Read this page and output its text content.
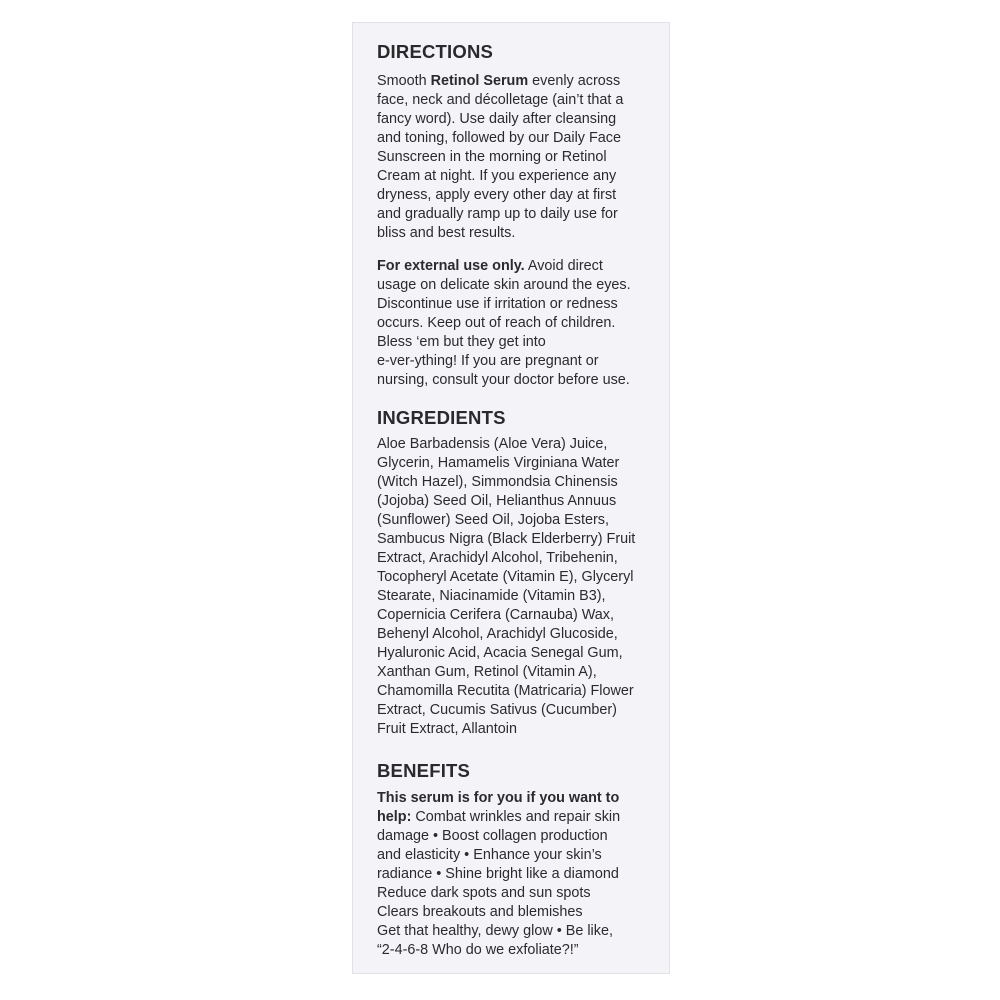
DIRECTIONS

Smooth Retinol Serum evenly across
face, neck and décolletage (ain’t that a
fancy word). Use daily after cleansing
and toning, followed by our Daily Face
Sunscreen in the morning or Retinol
Cream at night. If you experience any
dryness, apply every other day at first
and gradually ramp up to daily use for
bliss and best results.

For external use only. Avoid direct
usage on delicate skin around the eyes.
Discontinue use if irritation or redness
occurs. Keep out of reach of children.
Bless ‘em but they get into
e-ver-ything! If you are pregnant or
nursing, consult your doctor before use.

INGREDIENTS

Aloe Barbadensis (Aloe Vera) Juice,
Glycerin, Hamamelis Virginiana Water
(Witch Hazel), Simmondsia Chinensis
(Jojoba) Seed Oil, Helianthus Annuus
(Sunflower) Seed Oil, Jojoba Esters,
Sambucus Nigra (Black Elderberry) Fruit
Extract, Arachidyl Alcohol, Tribehenin,
Tocopheryl Acetate (Vitamin E), Glyceryl
Stearate, Niacinamide (Vitamin B3),
Copernicia Cerifera (Carnauba) Wax,
Behenyl Alcohol, Arachidyl Glucoside,
Hyaluronic Acid, Acacia Senegal Gum,
Xanthan Gum, Retinol (Vitamin A),
Chamomilla Recutita (Matricaria) Flower
Extract, Cucumis Sativus (Cucumber)
Fruit Extract, Allantoin

BENEFITS

This serum is for you if you want to
help: Combat wrinkles and repair skin
damage • Boost collagen production
and elasticity • Enhance your skin’s
radiance • Shine bright like a diamond
Reduce dark spots and sun spots
Clears breakouts and blemishes
Get that healthy, dewy glow • Be like,
“2-4-6-8 Who do we exfoliate?!”
